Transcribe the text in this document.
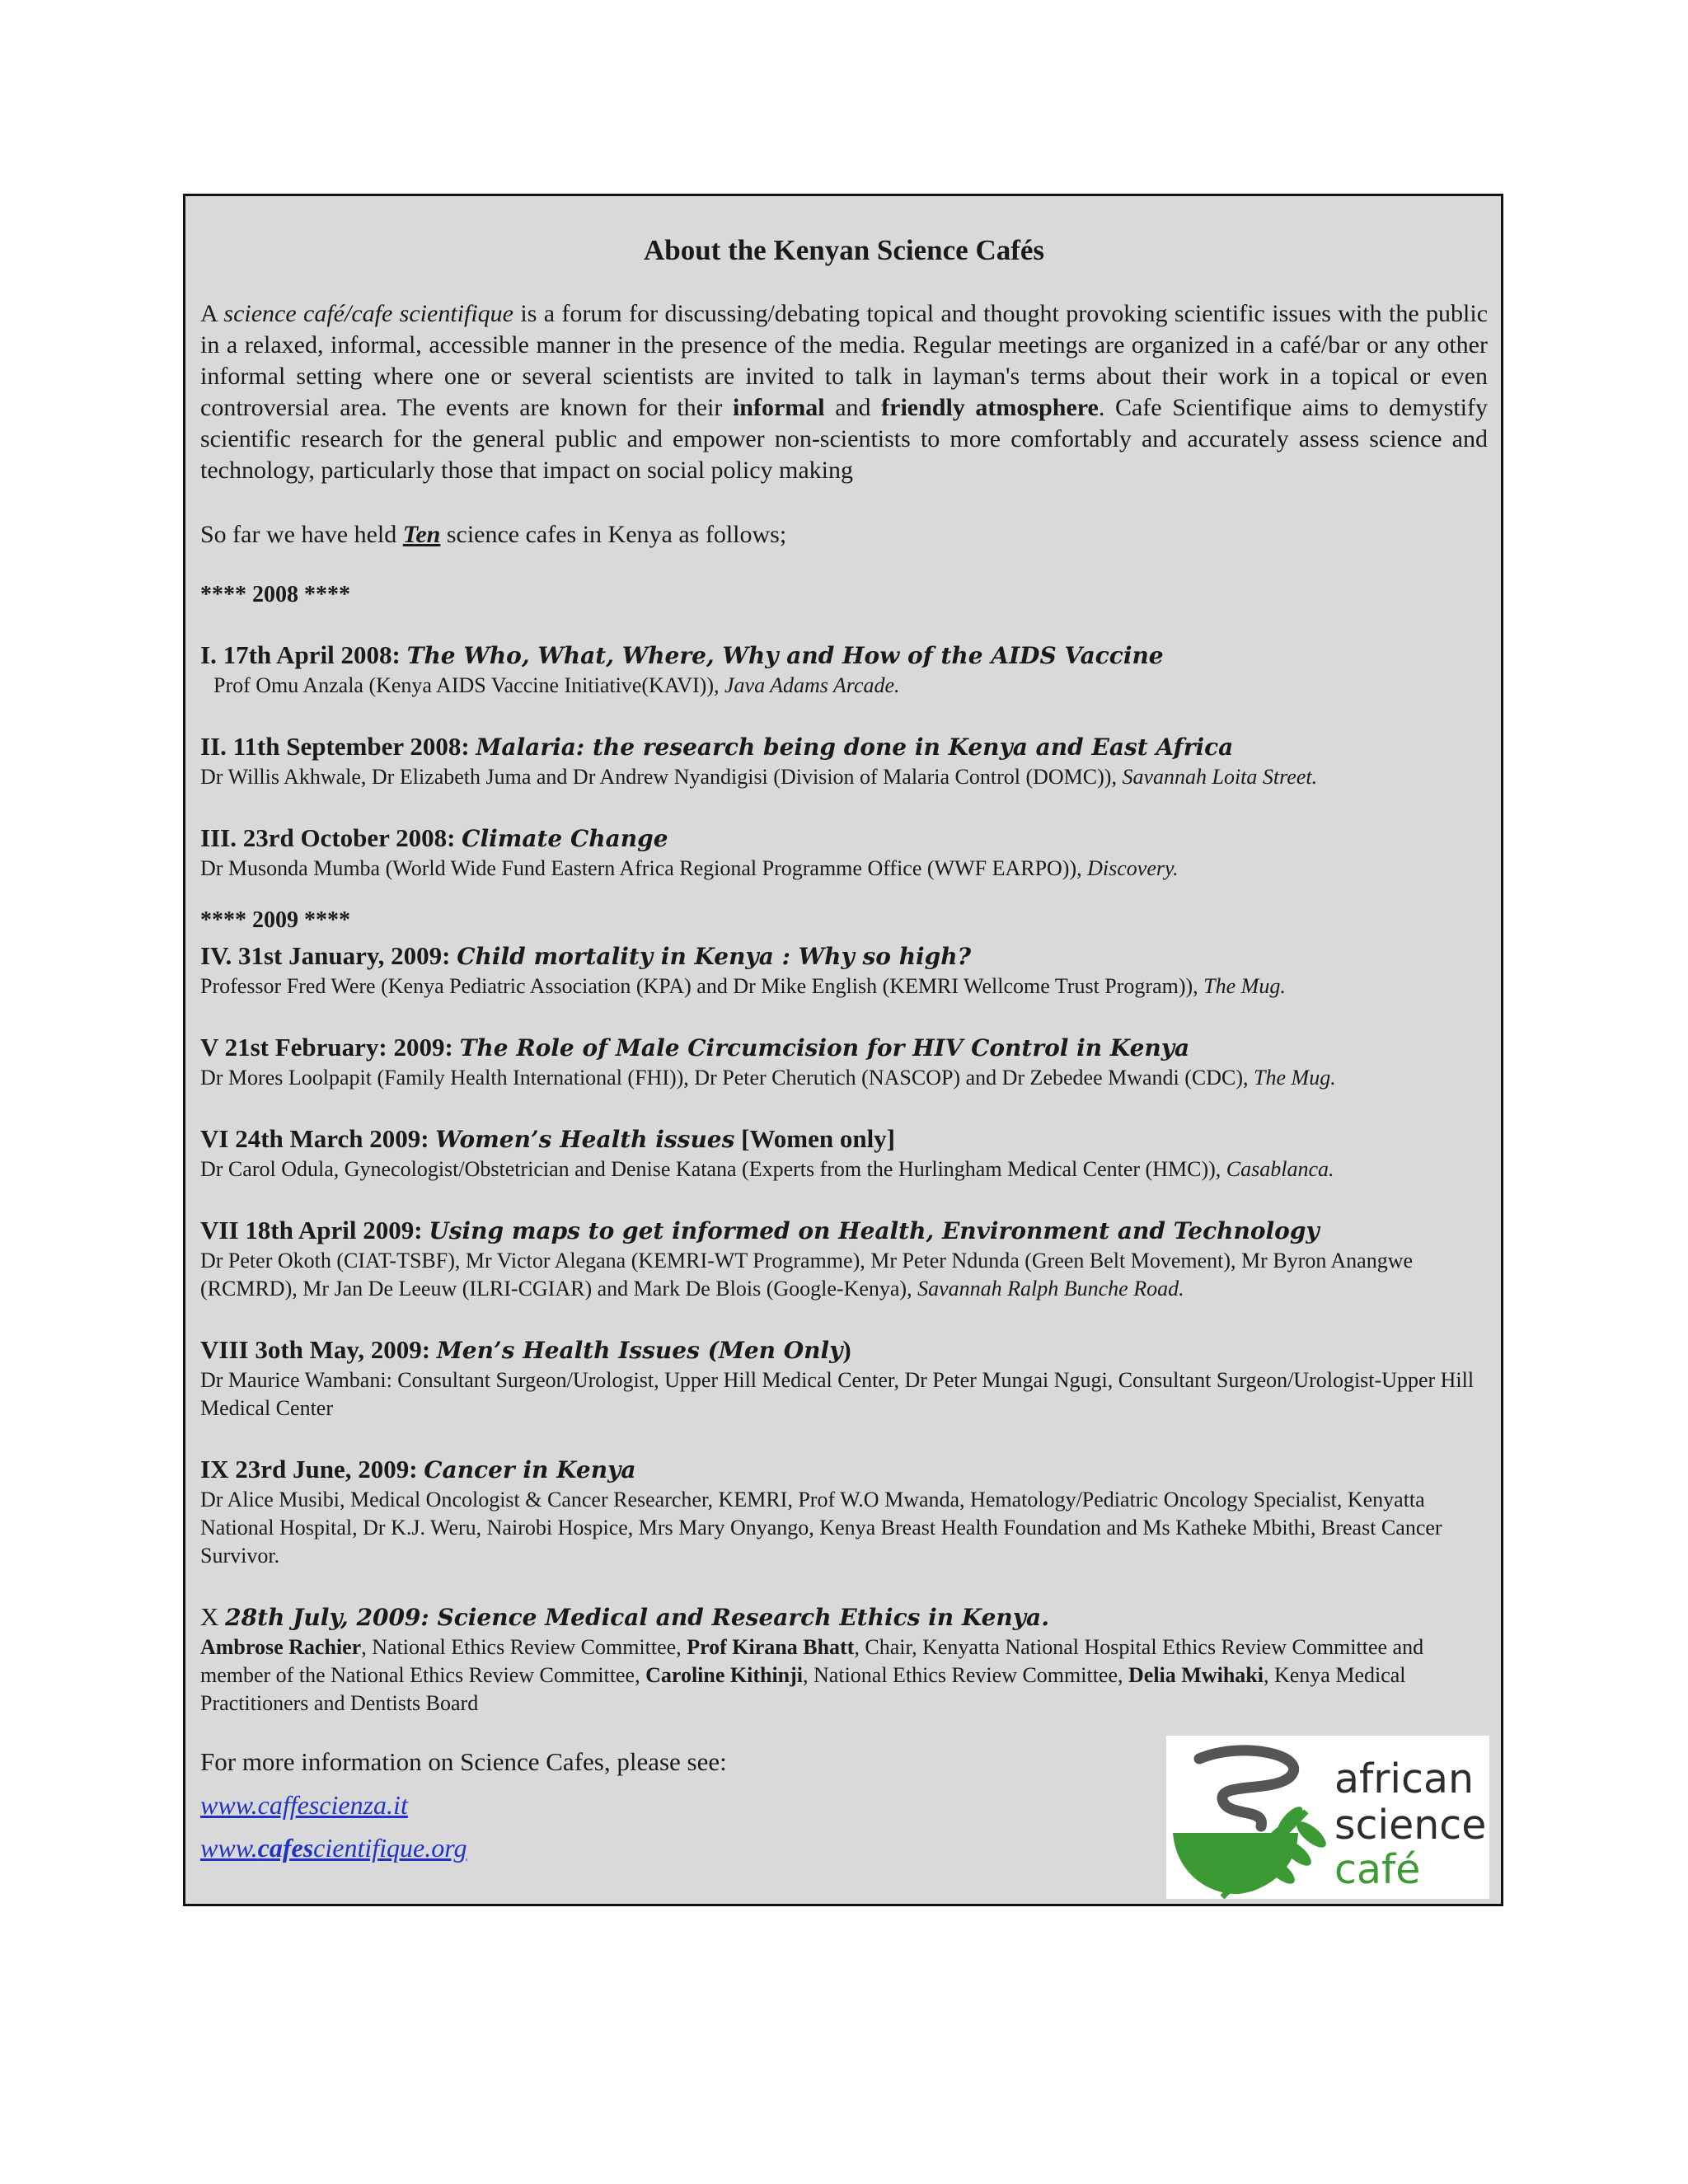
About the Kenyan Science Cafés

A science café/cafe scientifique is a forum for discussing/debating topical and thought provoking scientific issues with the public in a relaxed, informal, accessible manner in the presence of the media. Regular meetings are organized in a café/bar or any other informal setting where one or several scientists are invited to talk in layman's terms about their work in a topical or even controversial area. The events are known for their informal and friendly atmosphere. Cafe Scientifique aims to demystify scientific research for the general public and empower non-scientists to more comfortably and accurately assess science and technology, particularly those that impact on social policy making

So far we have held Ten science cafes in Kenya as follows;

**** 2008 ****
I. 17th April 2008: The Who, What, Where, Why and How of the AIDS Vaccine
Prof Omu Anzala (Kenya AIDS Vaccine Initiative(KAVI)), Java Adams Arcade.
II. 11th September 2008: Malaria: the research being done in Kenya and East Africa
Dr Willis Akhwale, Dr Elizabeth Juma and Dr Andrew Nyandigisi (Division of Malaria Control (DOMC)), Savannah Loita Street.
III. 23rd October 2008: Climate Change
Dr Musonda Mumba (World Wide Fund Eastern Africa Regional Programme Office (WWF EARPO)), Discovery.
**** 2009 ****
IV. 31st January, 2009: Child mortality in Kenya : Why so high?
Professor Fred Were (Kenya Pediatric Association (KPA) and Dr Mike English (KEMRI Wellcome Trust Program)), The Mug.
V 21st February: 2009: The Role of Male Circumcision for HIV Control in Kenya
Dr Mores Loolpapit (Family Health International (FHI)), Dr Peter Cherutich (NASCOP) and Dr Zebedee Mwandi (CDC), The Mug.
VI 24th March 2009: Women’s Health issues [Women only]
Dr Carol Odula, Gynecologist/Obstetrician and Denise Katana (Experts from the Hurlingham Medical Center (HMC)), Casablanca.
VII 18th April 2009: Using maps to get informed on Health, Environment and Technology
Dr Peter Okoth (CIAT-TSBF), Mr Victor Alegana (KEMRI-WT Programme), Mr Peter Ndunda (Green Belt Movement), Mr Byron Anangwe (RCMRD), Mr Jan De Leeuw (ILRI-CGIAR) and Mark De Blois (Google-Kenya), Savannah Ralph Bunche Road.
VIII 3oth May, 2009: Men’s Health Issues (Men Only)
Dr Maurice Wambani: Consultant Surgeon/Urologist, Upper Hill Medical Center, Dr Peter Mungai Ngugi, Consultant Surgeon/Urologist-Upper Hill Medical Center
IX 23rd June, 2009: Cancer in Kenya
Dr Alice Musibi, Medical Oncologist & Cancer Researcher, KEMRI, Prof W.O Mwanda, Hematology/Pediatric Oncology Specialist, Kenyatta National Hospital, Dr K.J. Weru, Nairobi Hospice, Mrs Mary Onyango, Kenya Breast Health Foundation and Ms Katheke Mbithi, Breast Cancer Survivor.
X 28th July, 2009: Science Medical and Research Ethics in Kenya.
Ambrose Rachier, National Ethics Review Committee, Prof Kirana Bhatt, Chair, Kenyatta National Hospital Ethics Review Committee and member of the National Ethics Review Committee, Caroline Kithinji, National Ethics Review Committee, Delia Mwihaki, Kenya Medical Practitioners and Dentists Board
For more information on Science Cafes, please see:
www.caffescienza.it
www.cafescientifique.org
african
science
café
